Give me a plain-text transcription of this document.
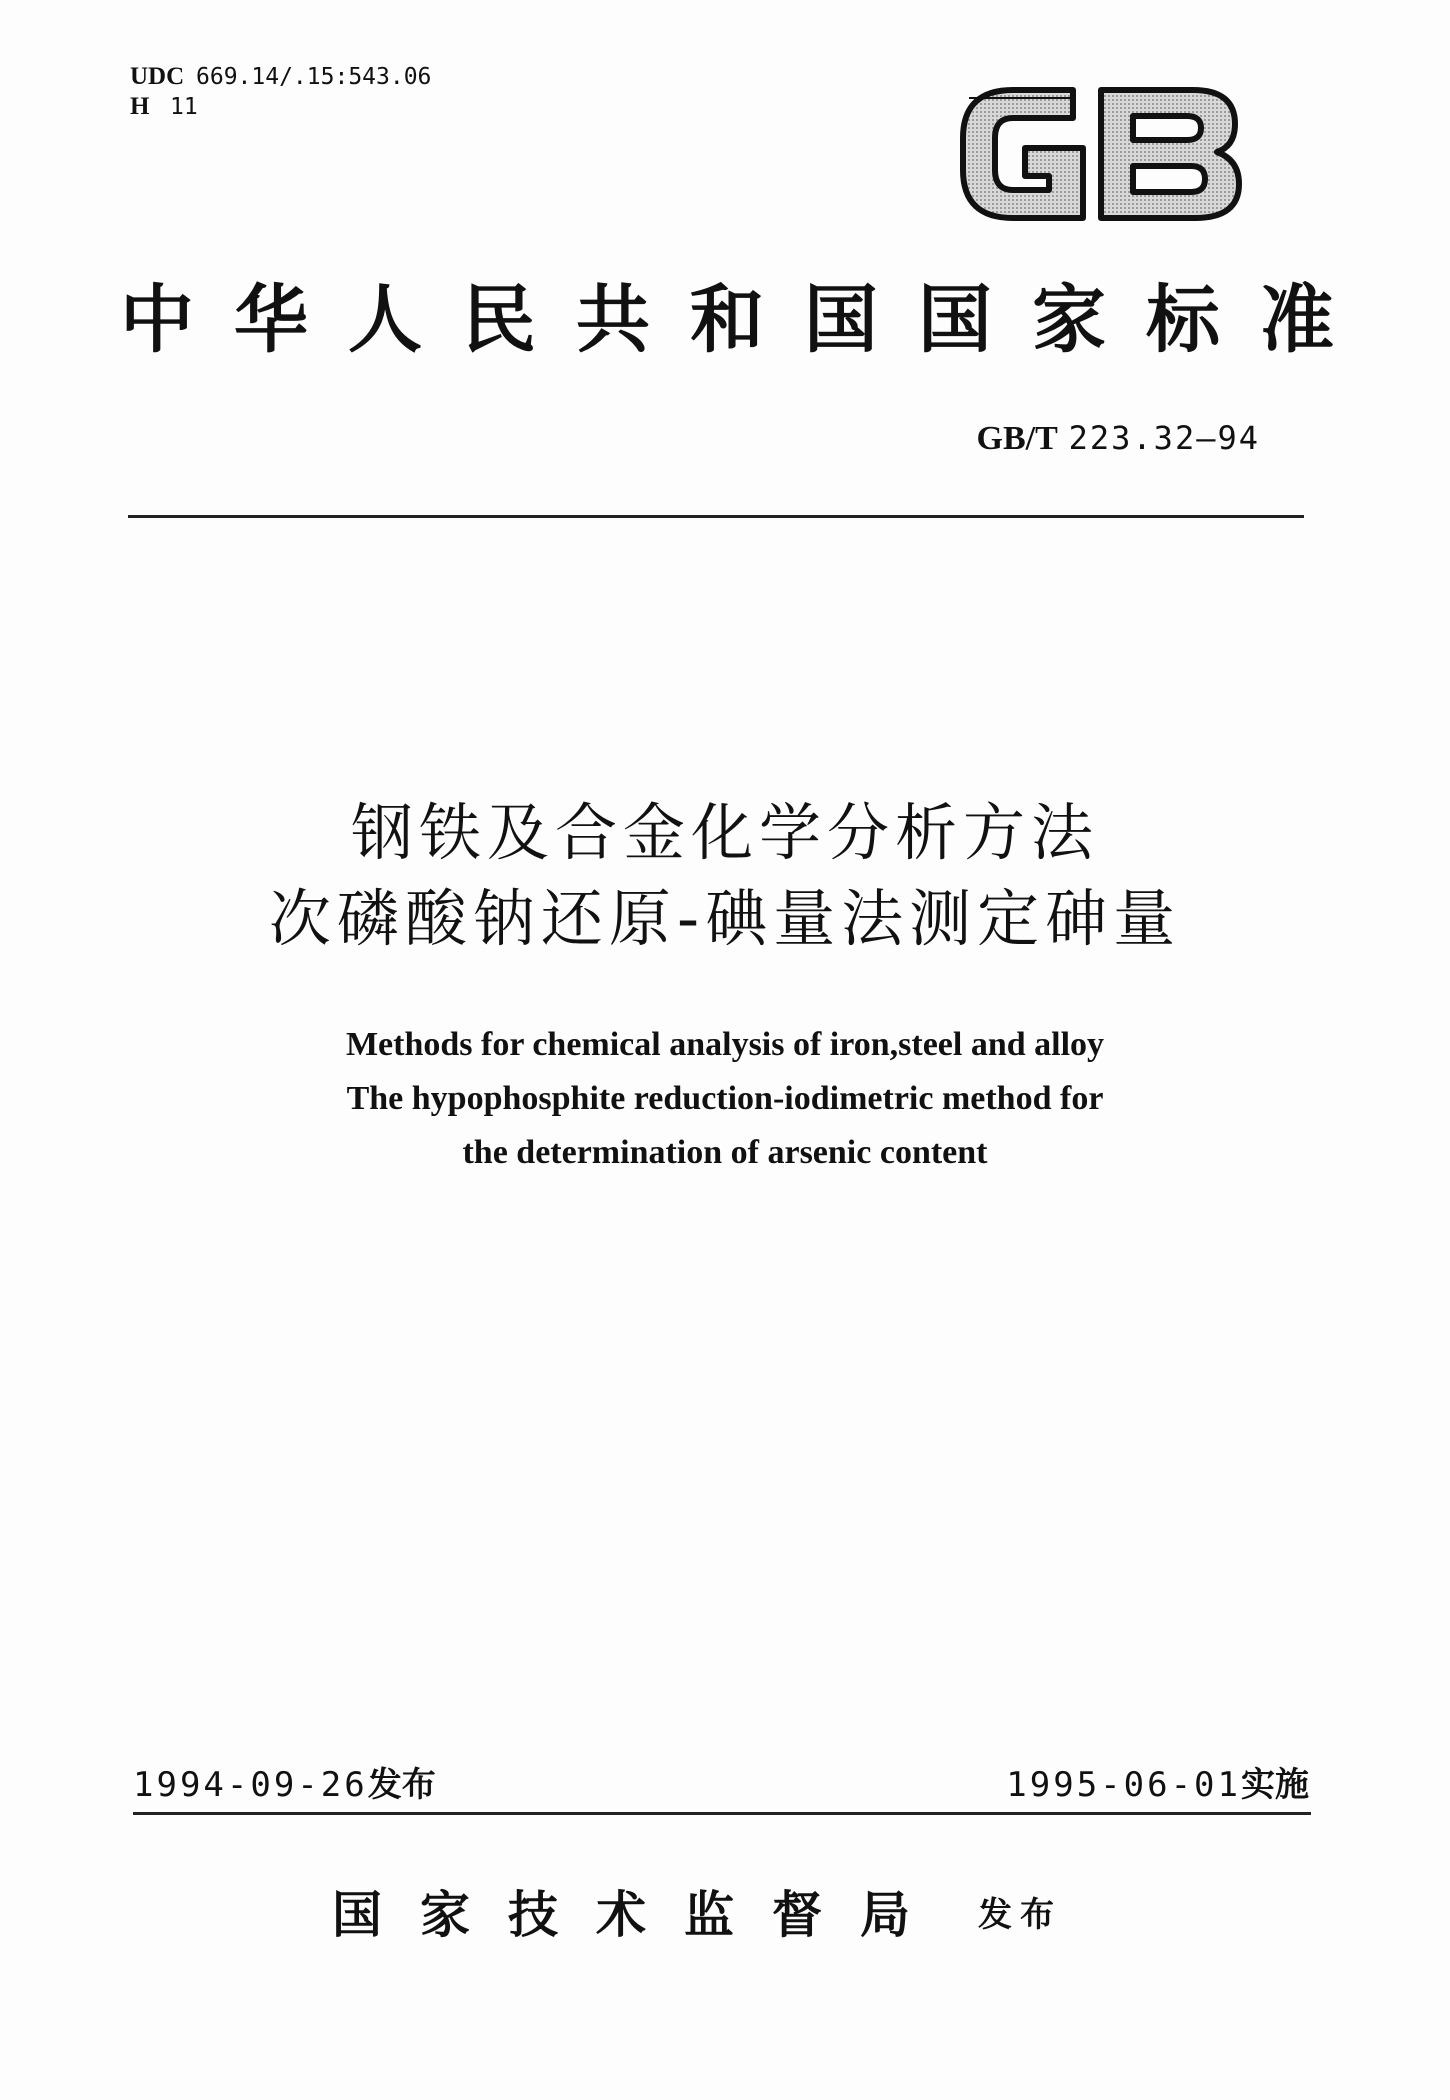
UDC 669.14/.15:543.06
H 11
中华人民共和国国家标准
GB/T 223.32—94
钢铁及合金化学分析方法
次磷酸钠还原-碘量法测定砷量
Methods for chemical analysis of iron,steel and alloy
The hypophosphite reduction-iodimetric method for
the determination of arsenic content
1994-09-26发布	1995-06-01实施
国家技术监督局 发布
